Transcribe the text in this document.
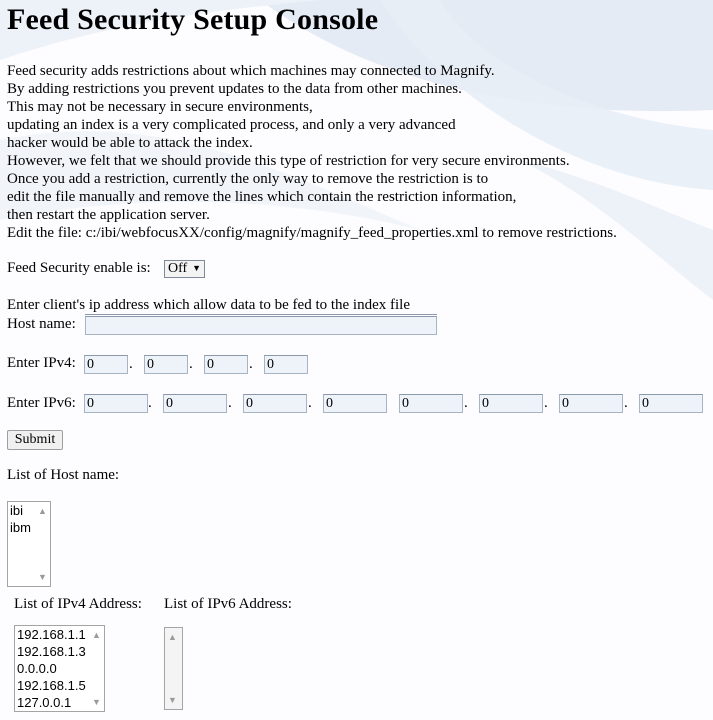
Feed Security Setup Console
Feed security adds restrictions about which machines may connected to Magnify.
By adding restrictions you prevent updates to the data from other machines.
This may not be necessary in secure environments,
updating an index is a very complicated process, and only a very advanced
hacker would be able to attack the index.
However, we felt that we should provide this type of restriction for very secure environments.
Once you add a restriction, currently the only way to remove the restriction is to
edit the file manually and remove the lines which contain the restriction information,
then restart the application server.
Edit the file: c:/ibi/webfocusXX/config/magnify/magnify_feed_properties.xml to remove restrictions.
Feed Security enable is: Off ▼
Enter client's ip address which allow data to be fed to the index file
Host name:
Enter IPv4:
0	.
0	.
0	.
0
Enter IPv6:
0	.
0	.
0	.
0
0	.
0	.
0	.
0
Submit
List of Host name:
ibi
ibm
▲
▼
List of IPv4 Address: List of IPv6 Address:
192.168.1.1
192.168.1.3
0.0.0.0
192.168.1.5
127.0.0.1
▲
▼
▲
▼
